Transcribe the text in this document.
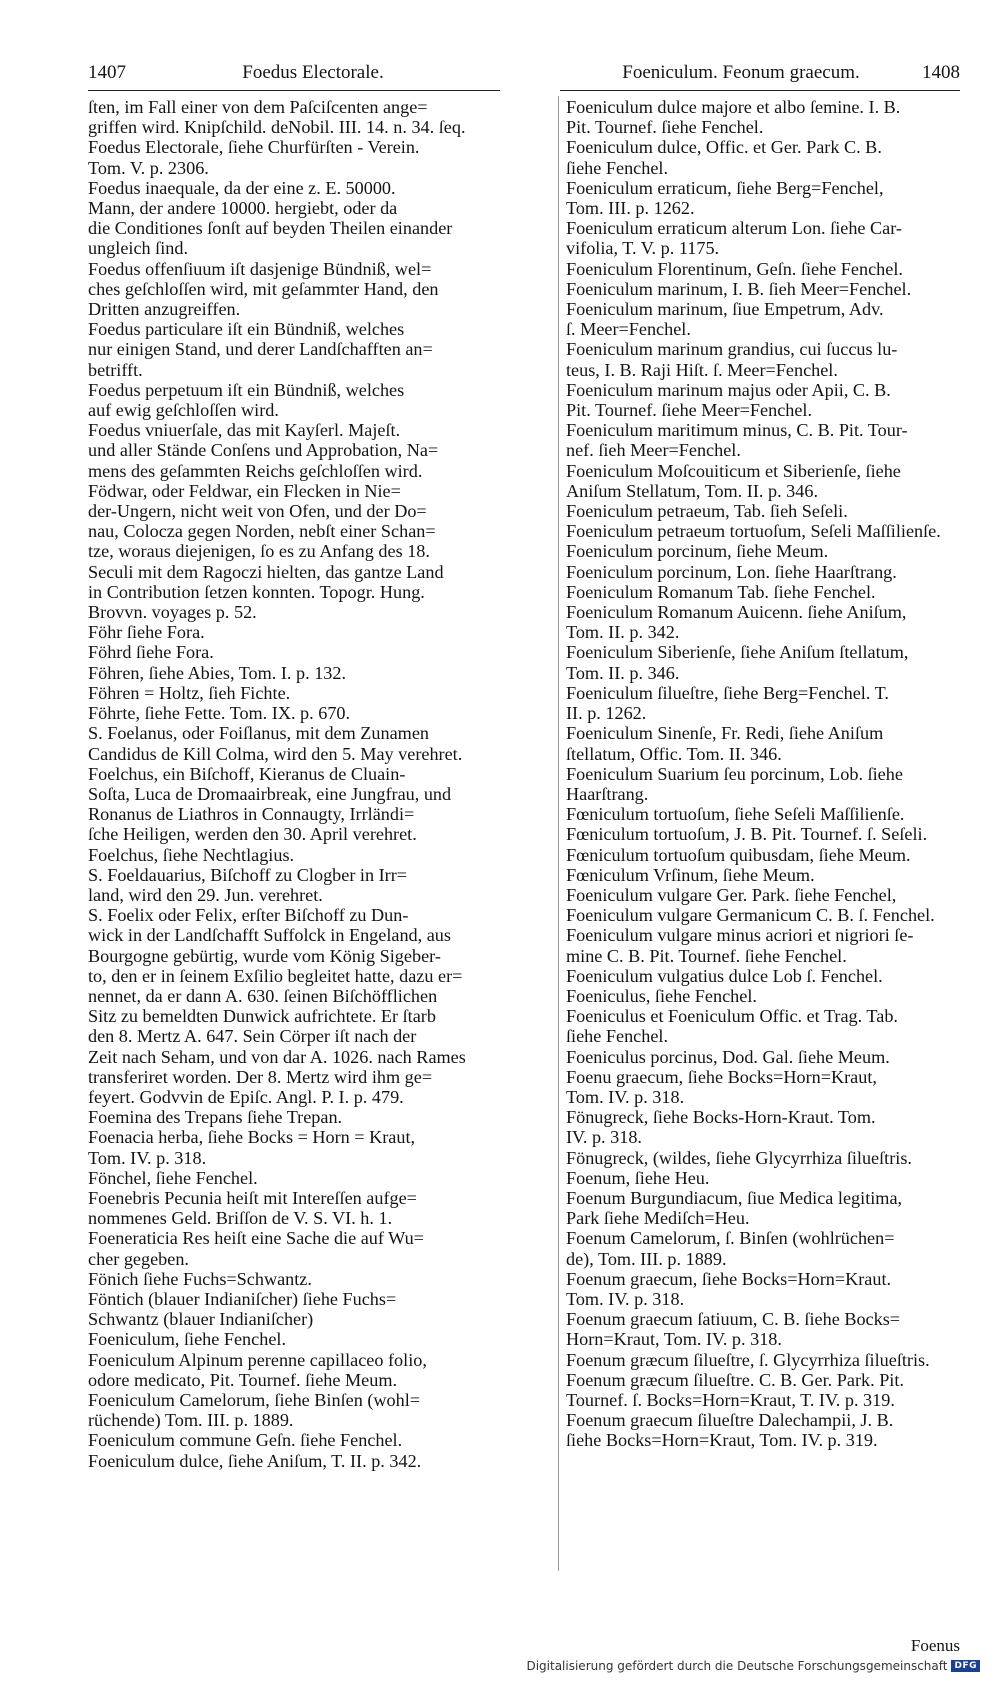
1407	Foedus Electorale.	Foeniculum. Feonum graecum.	1408
ſten, im Fall einer von dem Paſciſcenten ange=
griffen wird. Knipſchild. deNobil. III. 14. n. 34. ſeq.
Foedus Electorale, ſiehe Churfürſten - Verein.
Tom. V. p. 2306.
Foedus inaequale, da der eine z. E. 50000.
Mann, der andere 10000. hergiebt, oder da
die Conditiones ſonſt auf beyden Theilen einander
ungleich ſind.
Foedus offenſiuum iſt dasjenige Bündniß, wel=
ches geſchloſſen wird, mit geſammter Hand, den
Dritten anzugreiffen.
Foedus particulare iſt ein Bündniß, welches
nur einigen Stand, und derer Landſchafften an=
betrifft.
Foedus perpetuum iſt ein Bündniß, welches
auf ewig geſchloſſen wird.
Foedus vniuerſale, das mit Kayſerl. Majeſt.
und aller Stände Conſens und Approbation, Na=
mens des geſammten Reichs geſchloſſen wird.
Födwar, oder Feldwar, ein Flecken in Nie=
der-Ungern, nicht weit von Ofen, und der Do=
nau, Colocza gegen Norden, nebſt einer Schan=
tze, woraus diejenigen, ſo es zu Anfang des 18.
Seculi mit dem Ragoczi hielten, das gantze Land
in Contribution ſetzen konnten. Topogr. Hung.
Brovvn. voyages p. 52.
Föhr ſiehe Fora.
Föhrd ſiehe Fora.
Föhren, ſiehe Abies, Tom. I. p. 132.
Föhren = Holtz, ſieh Fichte.
Föhrte, ſiehe Fette. Tom. IX. p. 670.
S. Foelanus, oder Foiſlanus, mit dem Zunamen
Candidus de Kill Colma, wird den 5. May verehret.
Foelchus, ein Biſchoff, Kieranus de Cluain-
Soſta, Luca de Dromaairbreak, eine Jungfrau, und
Ronanus de Liathros in Connaugty, Irrländi=
ſche Heiligen, werden den 30. April verehret.
Foelchus, ſiehe Nechtlagius.
S. Foeldauarius, Biſchoff zu Clogber in Irr=
land, wird den 29. Jun. verehret.
S. Foelix oder Felix, erſter Biſchoff zu Dun-
wick in der Landſchafft Suffolck in Engeland, aus
Bourgogne gebürtig, wurde vom König Sigeber-
to, den er in ſeinem Exſilio begleitet hatte, dazu er=
nennet, da er dann A. 630. ſeinen Biſchöfflichen
Sitz zu bemeldten Dunwick aufrichtete. Er ſtarb
den 8. Mertz A. 647. Sein Cörper iſt nach der
Zeit nach Seham, und von dar A. 1026. nach Rames
transferiret worden. Der 8. Mertz wird ihm ge=
feyert. Godvvin de Epiſc. Angl. P. I. p. 479.
Foemina des Trepans ſiehe Trepan.
Foenacia herba, ſiehe Bocks = Horn = Kraut,
Tom. IV. p. 318.
Fönchel, ſiehe Fenchel.
Foenebris Pecunia heiſt mit Intereſſen aufge=
nommenes Geld. Briſſon de V. S. VI. h. 1.
Foeneraticia Res heiſt eine Sache die auf Wu=
cher gegeben.
Fönich ſiehe Fuchs=Schwantz.
Föntich (blauer Indianiſcher) ſiehe Fuchs=
Schwantz (blauer Indianiſcher)
Foeniculum, ſiehe Fenchel.
Foeniculum Alpinum perenne capillaceo folio,
odore medicato, Pit. Tournef. ſiehe Meum.
Foeniculum Camelorum, ſiehe Binſen (wohl=
rüchende) Tom. III. p. 1889.
Foeniculum commune Geſn. ſiehe Fenchel.
Foeniculum dulce, ſiehe Aniſum, T. II. p. 342.
Foeniculum dulce majore et albo ſemine. I. B.
Pit. Tournef. ſiehe Fenchel.
Foeniculum dulce, Offic. et Ger. Park C. B.
ſiehe Fenchel.
Foeniculum erraticum, ſiehe Berg=Fenchel,
Tom. III. p. 1262.
Foeniculum erraticum alterum Lon. ſiehe Car-
vifolia, T. V. p. 1175.
Foeniculum Florentinum, Geſn. ſiehe Fenchel.
Foeniculum marinum, I. B. ſieh Meer=Fenchel.
Foeniculum marinum, ſiue Empetrum, Adv.
ſ. Meer=Fenchel.
Foeniculum marinum grandius, cui ſuccus lu-
teus, I. B. Raji Hiſt. ſ. Meer=Fenchel.
Foeniculum marinum majus oder Apii, C. B.
Pit. Tournef. ſiehe Meer=Fenchel.
Foeniculum maritimum minus, C. B. Pit. Tour-
nef. ſieh Meer=Fenchel.
Foeniculum Moſcouiticum et Siberienſe, ſiehe
Aniſum Stellatum, Tom. II. p. 346.
Foeniculum petraeum, Tab. ſieh Seſeli.
Foeniculum petraeum tortuoſum, Seſeli Maſſilienſe.
Foeniculum porcinum, ſiehe Meum.
Foeniculum porcinum, Lon. ſiehe Haarſtrang.
Foeniculum Romanum Tab. ſiehe Fenchel.
Foeniculum Romanum Auicenn. ſiehe Aniſum,
Tom. II. p. 342.
Foeniculum Siberienſe, ſiehe Aniſum ſtellatum,
Tom. II. p. 346.
Foeniculum ſilueſtre, ſiehe Berg=Fenchel. T.
II. p. 1262.
Foeniculum Sinenſe, Fr. Redi, ſiehe Aniſum
ſtellatum, Offic. Tom. II. 346.
Foeniculum Suarium ſeu porcinum, Lob. ſiehe
Haarſtrang.
Fœniculum tortuoſum, ſiehe Seſeli Maſſilienſe.
Fœniculum tortuoſum, J. B. Pit. Tournef. ſ. Seſeli.
Fœniculum tortuoſum quibusdam, ſiehe Meum.
Fœniculum Vrſinum, ſiehe Meum.
Foeniculum vulgare Ger. Park. ſiehe Fenchel,
Foeniculum vulgare Germanicum C. B. ſ. Fenchel.
Foeniculum vulgare minus acriori et nigriori ſe-
mine C. B. Pit. Tournef. ſiehe Fenchel.
Foeniculum vulgatius dulce Lob ſ. Fenchel.
Foeniculus, ſiehe Fenchel.
Foeniculus et Foeniculum Offic. et Trag. Tab.
ſiehe Fenchel.
Foeniculus porcinus, Dod. Gal. ſiehe Meum.
Foenu graecum, ſiehe Bocks=Horn=Kraut,
Tom. IV. p. 318.
Fönugreck, ſiehe Bocks-Horn-Kraut. Tom.
IV. p. 318.
Fönugreck, (wildes, ſiehe Glycyrrhiza ſilueſtris.
Foenum, ſiehe Heu.
Foenum Burgundiacum, ſiue Medica legitima,
Park ſiehe Mediſch=Heu.
Foenum Camelorum, ſ. Binſen (wohlrüchen=
de), Tom. III. p. 1889.
Foenum graecum, ſiehe Bocks=Horn=Kraut.
Tom. IV. p. 318.
Foenum graecum ſatiuum, C. B. ſiehe Bocks=
Horn=Kraut, Tom. IV. p. 318.
Foenum græcum ſilueſtre, ſ. Glycyrrhiza ſilueſtris.
Foenum græcum ſilueſtre. C. B. Ger. Park. Pit.
Tournef. ſ. Bocks=Horn=Kraut, T. IV. p. 319.
Foenum graecum ſilueſtre Dalechampii, J. B.
ſiehe Bocks=Horn=Kraut, Tom. IV. p. 319.
Foenus
Digitalisierung gefördert durch die Deutsche Forschungsgemeinschaft DFG
